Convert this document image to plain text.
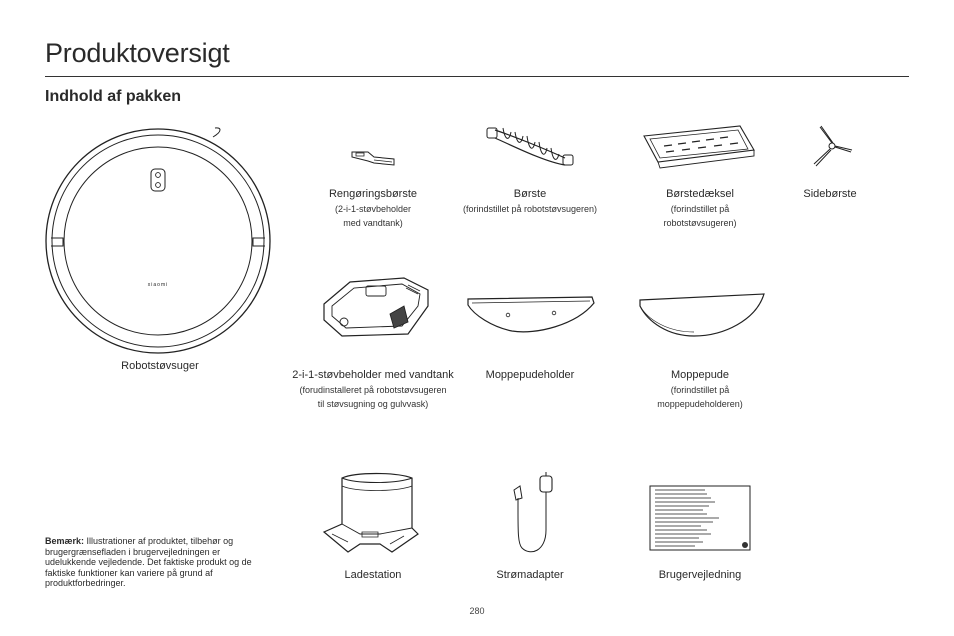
Produktoversigt
Indhold af pakken
xiaomi
Robotstøvsuger
Rengøringsbørste
(2-i-1-støvbeholder
med vandtank)
Børste
(forindstillet på robotstøvsugeren)
Børstedæksel
(forindstillet på
robotstøvsugeren)
Sidebørste
2-i-1-støvbeholder med vandtank
(forudinstalleret på robotstøvsugeren
til støvsugning og gulvvask)
Moppepudeholder	Moppepude
(forindstillet på
moppepudeholderen)
Ladestation	Strømadapter	Brugervejledning

Bemærk: Illustrationer af produktet, tilbehør og brugergrænsefladen i brugervejledningen er udelukkende vejledende. Det faktiske produkt og de faktiske funktioner kan variere på grund af produktforbedringer.

280
